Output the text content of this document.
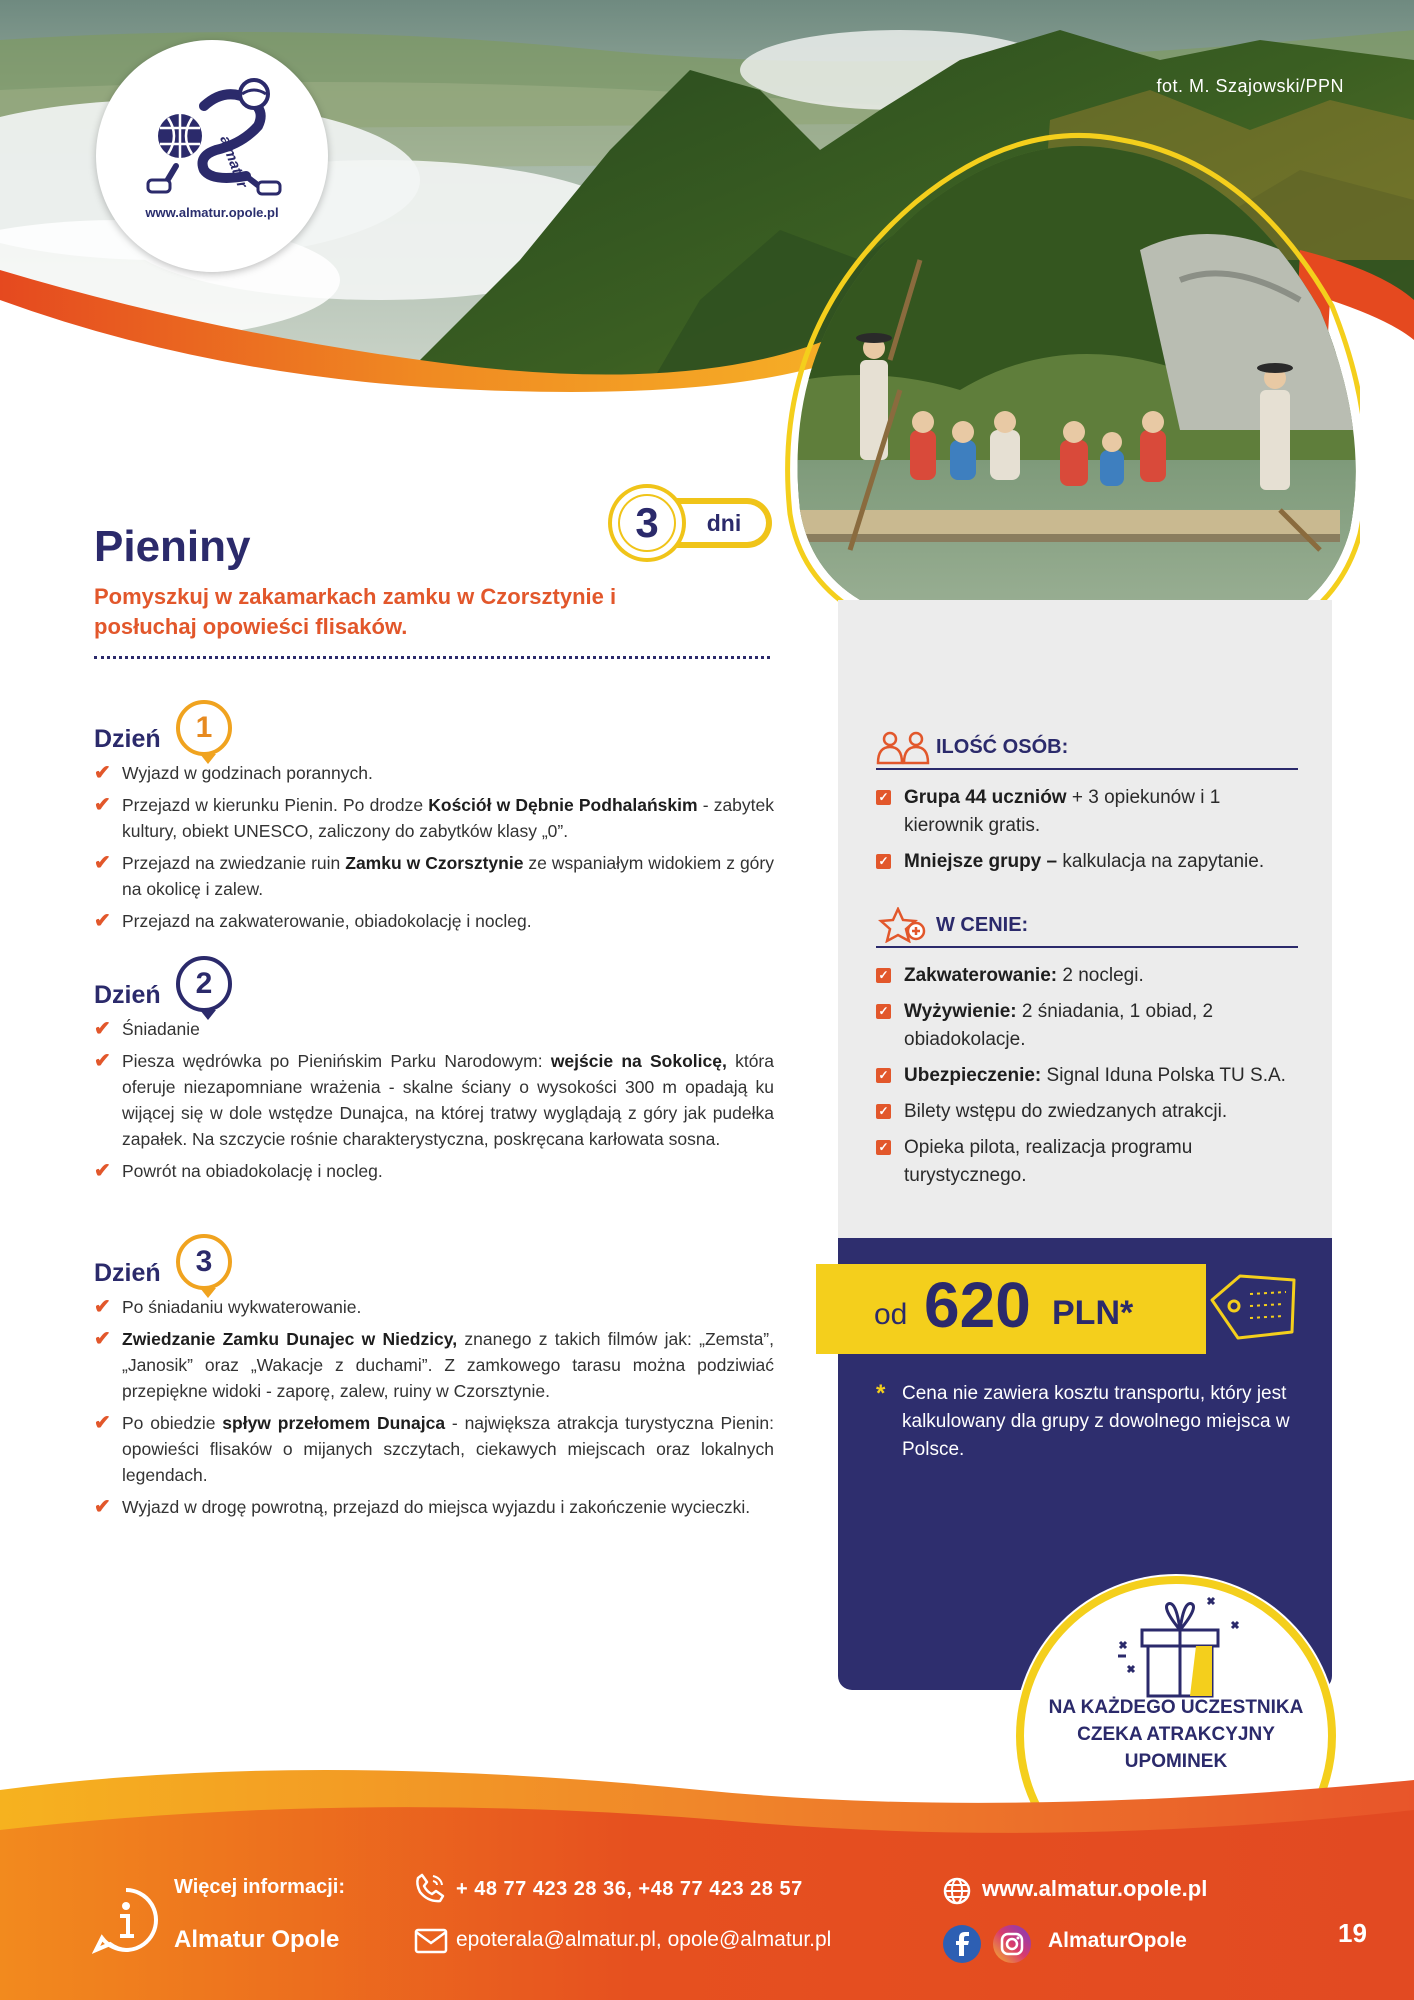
fot. M. Szajowski/PPN
almatur
www.almatur.opole.pl
dni
3
Pieniny
Pomyszkuj w zakamarkach zamku w Czorsztynie i posłuchaj opowieści flisaków.
Dzień	1
✔ Wyjazd w godzinach porannych.
✔ Przejazd w kierunku Pienin. Po drodze Kościół w Dębnie Podhalańskim - zabytek kultury, obiekt UNESCO, zaliczony do zabytków klasy „0”.
✔ Przejazd na zwiedzanie ruin Zamku w Czorsztynie ze wspaniałym widokiem z góry na okolicę i zalew.
✔ Przejazd na zakwaterowanie, obiadokolację i nocleg.
Dzień	2
✔ Śniadanie
✔ Piesza wędrówka po Pienińskim Parku Narodowym: wejście na Sokolicę, która oferuje niezapomniane wrażenia - skalne ściany o wysokości 300 m opadają ku wijącej się w dole wstędze Dunajca, na której tratwy wyglądają z góry jak pudełka zapałek. Na szczycie rośnie charakterystyczna, poskręcana karłowata sosna.
✔ Powrót na obiadokolację i nocleg.
Dzień	3
✔ Po śniadaniu wykwaterowanie.
✔ Zwiedzanie Zamku Dunajec w Niedzicy, znanego z takich filmów jak: „Zemsta”, „Janosik” oraz „Wakacje z duchami”. Z zamkowego tarasu można podziwiać przepiękne widoki - zaporę, zalew, ruiny w Czorsztynie.
✔ Po obiedzie spływ przełomem Dunajca - największa atrakcja turystyczna Pienin: opowieści flisaków o mijanych szczytach, ciekawych miejscach oraz lokalnych legendach.
✔ Wyjazd w drogę powrotną, przejazd do miejsca wyjazdu i zakończenie wycieczki.
ILOŚĆ OSÓB:
✓ Grupa 44 uczniów + 3 opiekunów i 1 kierownik gratis.
✓ Mniejsze grupy – kalkulacja na zapytanie.
W CENIE:
✓ Zakwaterowanie: 2 noclegi.
✓ Wyżywienie: 2 śniadania, 1 obiad, 2 obiadokolacje.
✓ Ubezpieczenie: Signal Iduna Polska TU S.A.
✓ Bilety wstępu do zwiedzanych atrakcji.
✓ Opieka pilota, realizacja programu turystycznego.
od 620 PLN*
* Cena nie zawiera kosztu transportu, który jest kalkulowany dla grupy z dowolnego miejsca w Polsce.
NA KAŻDEGO UCZESTNIKA CZEKA ATRAKCYJNY UPOMINEK
Więcej informacji:
Almatur Opole
+ 48 77 423 28 36, +48 77 423 28 57
epoterala@almatur.pl, opole@almatur.pl
www.almatur.opole.pl
AlmaturOpole	19
